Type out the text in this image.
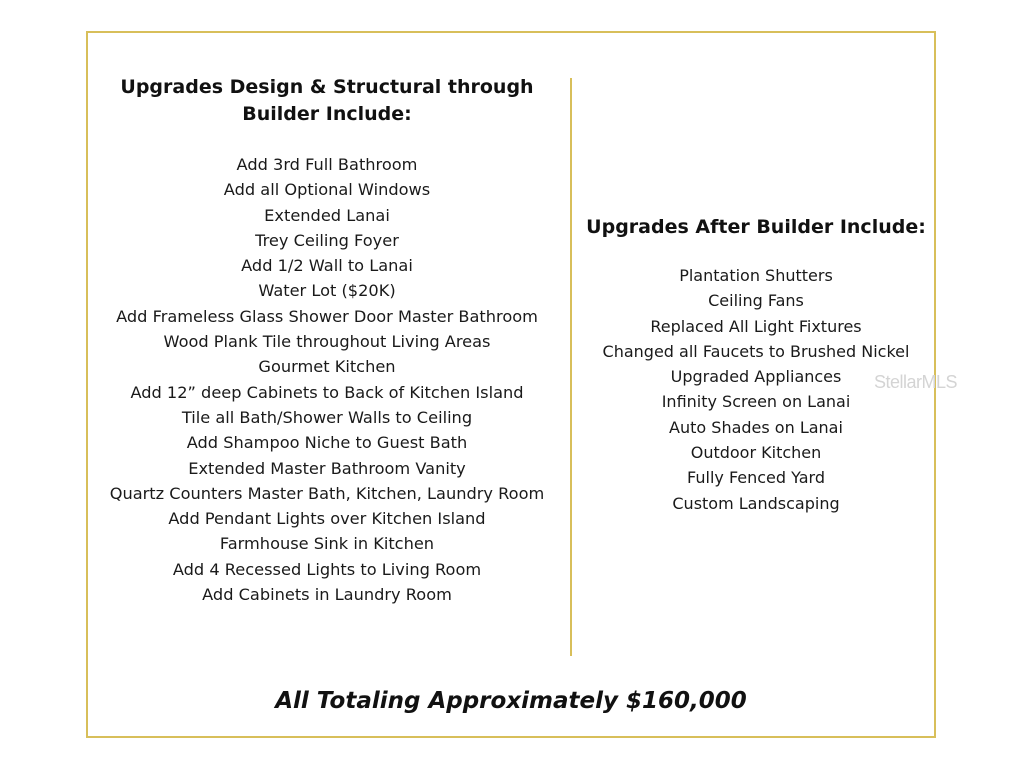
Upgrades Design & Structural through Builder Include:
Add 3rd Full Bathroom
Add all Optional Windows
Extended Lanai
Trey Ceiling Foyer
Add 1/2 Wall to Lanai
Water Lot ($20K)
Add Frameless Glass Shower Door Master Bathroom
Wood Plank Tile throughout Living Areas
Gourmet Kitchen
Add 12” deep Cabinets to Back of Kitchen Island
Tile all Bath/Shower Walls to Ceiling
Add Shampoo Niche to Guest Bath
Extended Master Bathroom Vanity
Quartz Counters Master Bath, Kitchen, Laundry Room
Add Pendant Lights over Kitchen Island
Farmhouse Sink in Kitchen
Add 4 Recessed Lights to Living Room
Add Cabinets in Laundry Room
Upgrades After Builder Include:
Plantation Shutters
Ceiling Fans
Replaced All Light Fixtures
Changed all Faucets to Brushed Nickel
Upgraded Appliances
Infinity Screen on Lanai
Auto Shades on Lanai
Outdoor Kitchen
Fully Fenced Yard
Custom Landscaping
StellarMLS
All Totaling Approximately $160,000
